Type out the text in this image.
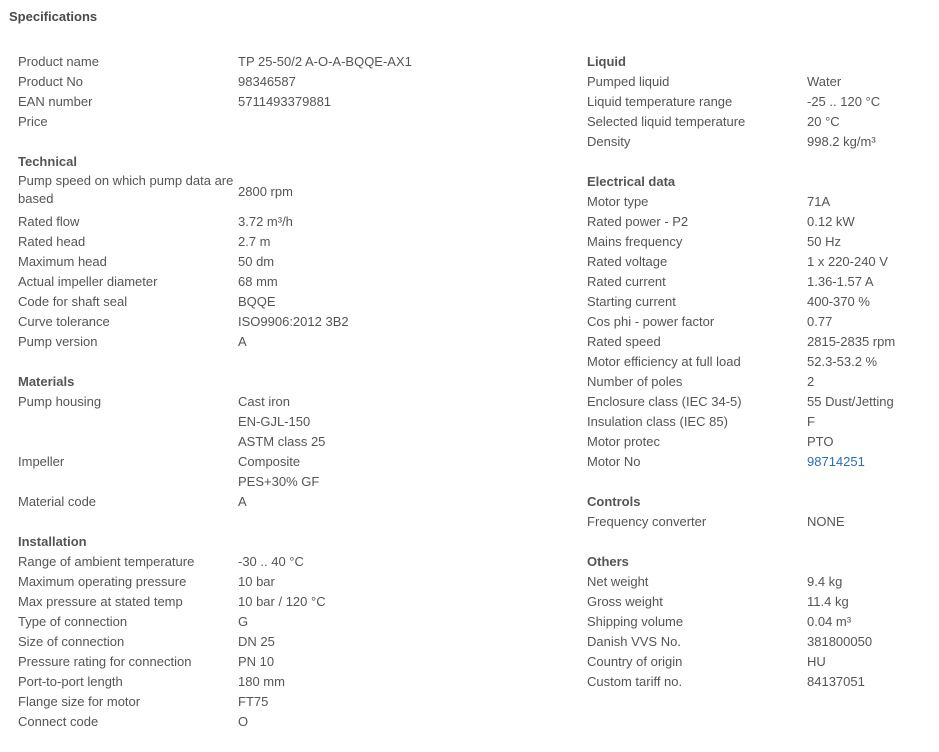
Specifications
Product name	TP 25-50/2 A-O-A-BQQE-AX1
Product No	98346587
EAN number	5711493379881
Price
Technical
Pump speed on which pump data are based	2800 rpm
Rated flow	3.72 m³/h
Rated head	2.7 m
Maximum head	50 dm
Actual impeller diameter	68 mm
Code for shaft seal	BQQE
Curve tolerance	ISO9906:2012 3B2
Pump version	A
Materials
Pump housing	Cast iron
EN-GJL-150
ASTM class 25
Impeller	Composite
PES+30% GF
Material code	A
Installation
Range of ambient temperature	-30 .. 40 °C
Maximum operating pressure	10 bar
Max pressure at stated temp	10 bar / 120 °C
Type of connection	G
Size of connection	DN 25
Pressure rating for connection	PN 10
Port-to-port length	180 mm
Flange size for motor	FT75
Connect code	O
Liquid
Pumped liquid	Water
Liquid temperature range	-25 .. 120 °C
Selected liquid temperature	20 °C
Density	998.2 kg/m³
Electrical data
Motor type	71A
Rated power - P2	0.12 kW
Mains frequency	50 Hz
Rated voltage	1 x 220-240 V
Rated current	1.36-1.57 A
Starting current	400-370 %
Cos phi - power factor	0.77
Rated speed	2815-2835 rpm
Motor efficiency at full load	52.3-53.2 %
Number of poles	2
Enclosure class (IEC 34-5)	55 Dust/Jetting
Insulation class (IEC 85)	F
Motor protec	PTO
Motor No	98714251
Controls
Frequency converter	NONE
Others
Net weight	9.4 kg
Gross weight	11.4 kg
Shipping volume	0.04 m³
Danish VVS No.	381800050
Country of origin	HU
Custom tariff no.	84137051
